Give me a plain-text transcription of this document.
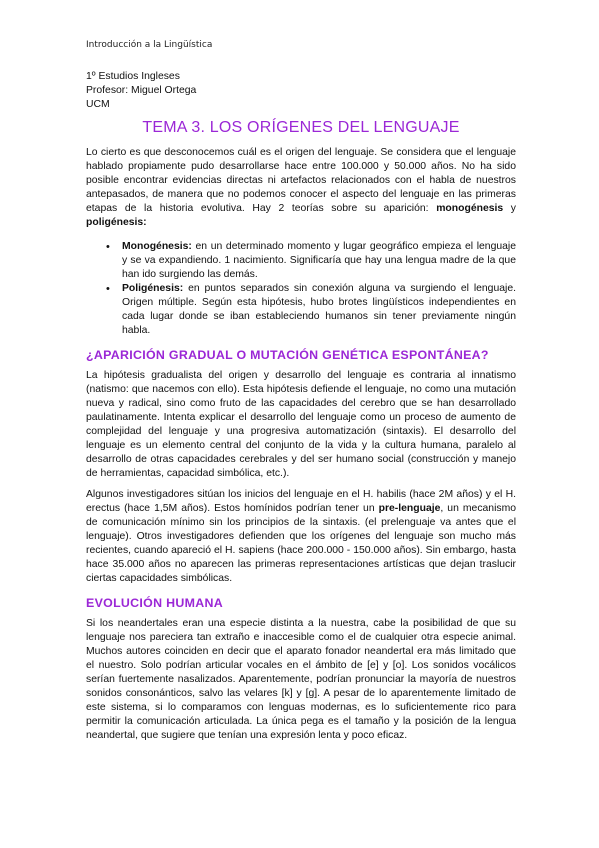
Introducción a la Lingüística
1º Estudios Ingleses
Profesor: Miguel Ortega
UCM
TEMA 3. LOS ORÍGENES DEL LENGUAJE

Lo cierto es que desconocemos cuál es el origen del lenguaje. Se considera que el lenguaje hablado propiamente pudo desarrollarse hace entre 100.000 y 50.000 años. No ha sido posible encontrar evidencias directas ni artefactos relacionados con el habla de nuestros antepasados, de manera que no podemos conocer el aspecto del lenguaje en las primeras etapas de la historia evolutiva. Hay 2 teorías sobre su aparición: monogénesis y poligénesis:

• Monogénesis: en un determinado momento y lugar geográfico empieza el lenguaje y se va expandiendo. 1 nacimiento. Significaría que hay una lengua madre de la que han ido surgiendo las demás.
• Poligénesis: en puntos separados sin conexión alguna va surgiendo el lenguaje. Origen múltiple. Según esta hipótesis, hubo brotes lingüísticos independientes en cada lugar donde se iban estableciendo humanos sin tener previamente ningún habla.
¿APARICIÓN GRADUAL O MUTACIÓN GENÉTICA ESPONTÁNEA?

La hipótesis gradualista del origen y desarrollo del lenguaje es contraria al innatismo (natismo: que nacemos con ello). Esta hipótesis defiende el lenguaje, no como una mutación nueva y radical, sino como fruto de las capacidades del cerebro que se han desarrollado paulatinamente. Intenta explicar el desarrollo del lenguaje como un proceso de aumento de complejidad del lenguaje y una progresiva automatización (sintaxis). El desarrollo del lenguaje es un elemento central del conjunto de la vida y la cultura humana, paralelo al desarrollo de otras capacidades cerebrales y del ser humano social (construcción y manejo de herramientas, capacidad simbólica, etc.).

Algunos investigadores sitúan los inicios del lenguaje en el H. habilis (hace 2M años) y el H. erectus (hace 1,5M años). Estos homínidos podrían tener un pre-lenguaje, un mecanismo de comunicación mínimo sin los principios de la sintaxis. (el prelenguaje va antes que el lenguaje). Otros investigadores defienden que los orígenes del lenguaje son mucho más recientes, cuando apareció el H. sapiens (hace 200.000 - 150.000 años). Sin embargo, hasta hace 35.000 años no aparecen las primeras representaciones artísticas que dejan traslucir ciertas capacidades simbólicas.

EVOLUCIÓN HUMANA

Si los neandertales eran una especie distinta a la nuestra, cabe la posibilidad de que su lenguaje nos pareciera tan extraño e inaccesible como el de cualquier otra especie animal. Muchos autores coinciden en decir que el aparato fonador neandertal era más limitado que el nuestro. Solo podrían articular vocales en el ámbito de [e] y [o]. Los sonidos vocálicos serían fuertemente nasalizados. Aparentemente, podrían pronunciar la mayoría de nuestros sonidos consonánticos, salvo las velares [k] y [g]. A pesar de lo aparentemente limitado de este sistema, si lo comparamos con lenguas modernas, es lo suficientemente rico para permitir la comunicación articulada. La única pega es el tamaño y la posición de la lengua neandertal, que sugiere que tenían una expresión lenta y poco eficaz.
